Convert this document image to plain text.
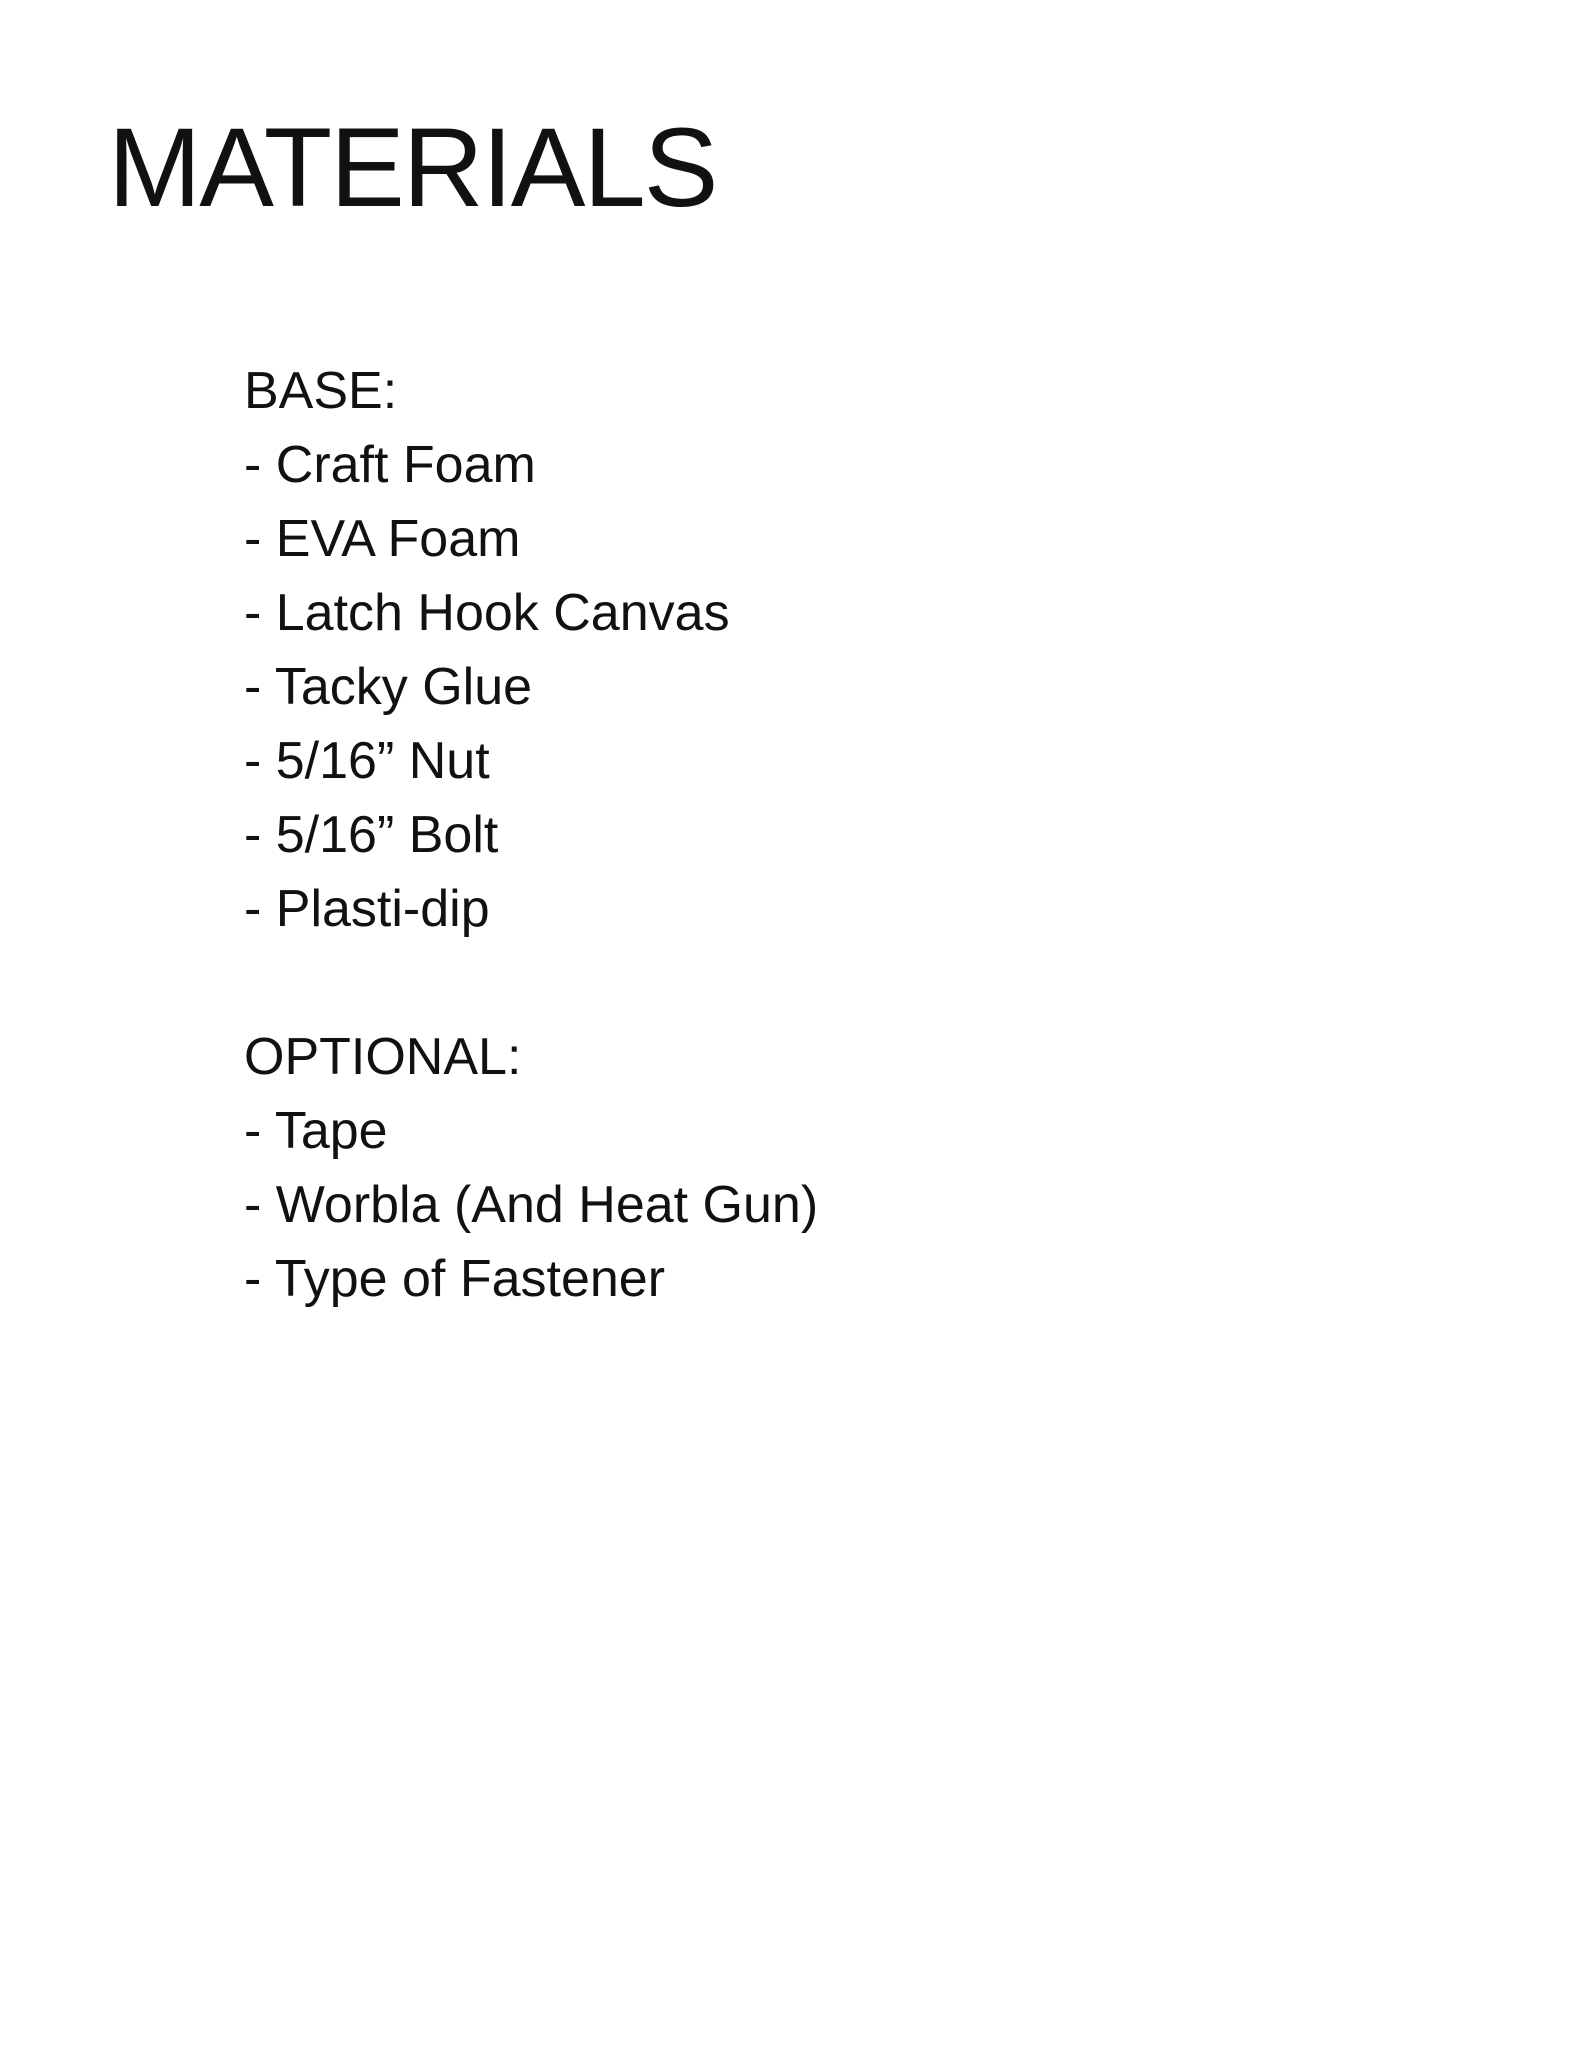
MATERIALS
BASE:
- Craft Foam
- EVA Foam
- Latch Hook Canvas
- Tacky Glue
- 5/16” Nut
- 5/16” Bolt
- Plasti-dip
OPTIONAL:
- Tape
- Worbla (And Heat Gun)
- Type of Fastener
